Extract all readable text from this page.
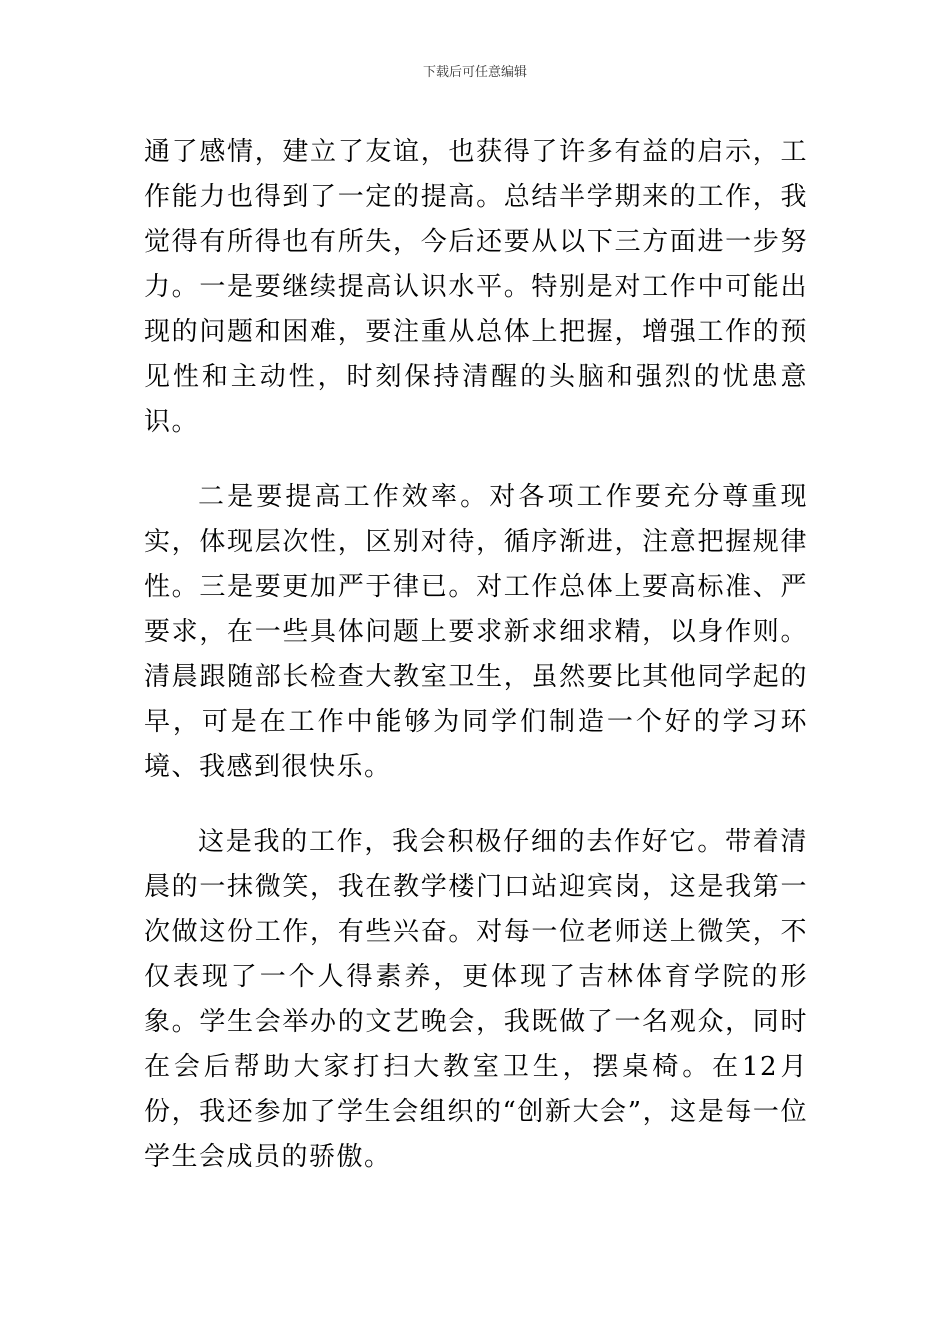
下载后可任意编辑

通了感情，建立了友谊，也获得了许多有益的启示，工作能力也得到了一定的提高。总结半学期来的工作，我觉得有所得也有所失，今后还要从以下三方面进一步努力。一是要继续提高认识水平。特别是对工作中可能出现的问题和困难，要注重从总体上把握，增强工作的预见性和主动性，时刻保持清醒的头脑和强烈的忧患意识。

二是要提高工作效率。对各项工作要充分尊重现实，体现层次性，区别对待，循序渐进，注意把握规律性。三是要更加严于律已。对工作总体上要高标准、严要求，在一些具体问题上要求新求细求精，以身作则。清晨跟随部长检查大教室卫生，虽然要比其他同学起的早，可是在工作中能够为同学们制造一个好的学习环境、我感到很快乐。

这是我的工作，我会积极仔细的去作好它。带着清晨的一抹微笑，我在教学楼门口站迎宾岗，这是我第一次做这份工作，有些兴奋。对每一位老师送上微笑，不仅表现了一个人得素养，更体现了吉林体育学院的形象。学生会举办的文艺晚会，我既做了一名观众，同时在会后帮助大家打扫大教室卫生，摆桌椅。在12月份，我还参加了学生会组织的“创新大会”，这是每一位学生会成员的骄傲。
